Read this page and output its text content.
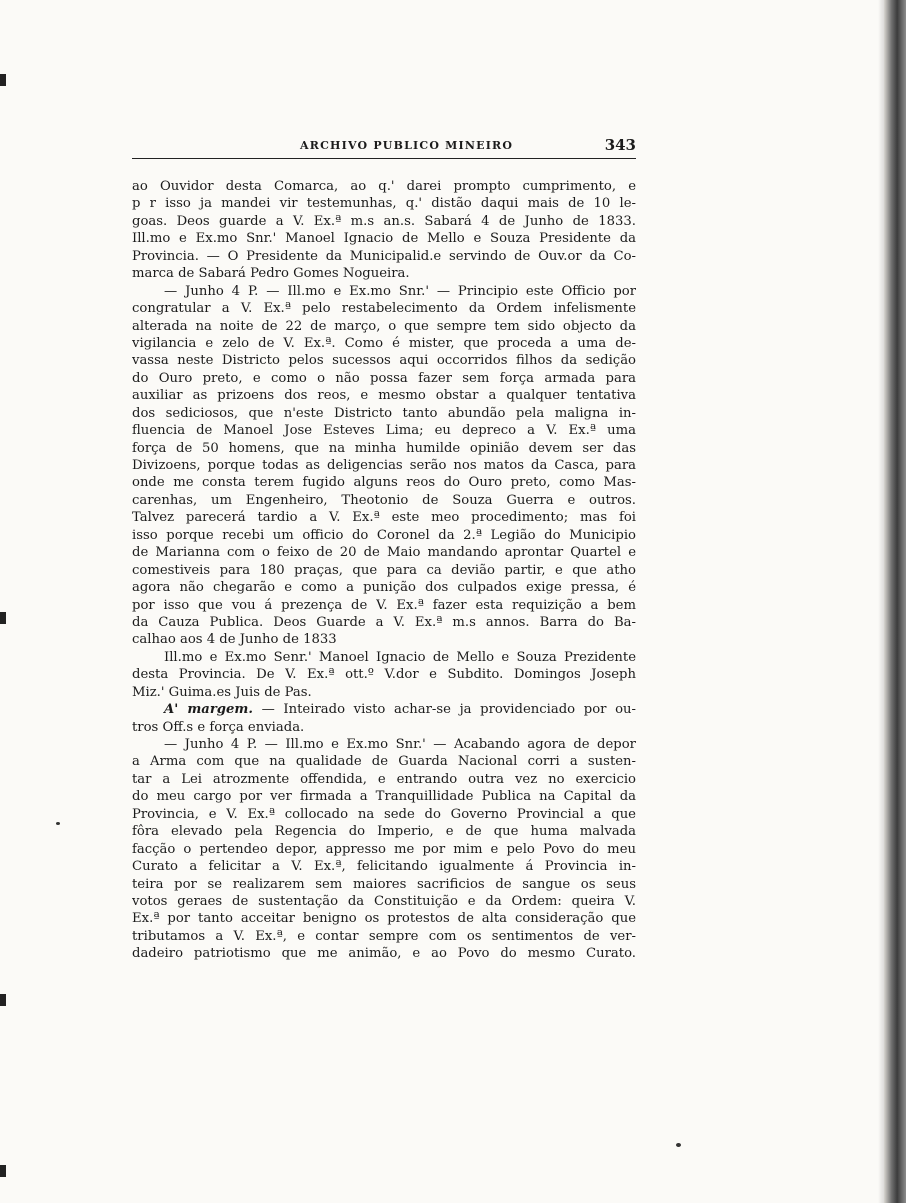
ARCHIVO PUBLICO MINEIRO	343
ao Ouvidor desta Comarca, ao q.' darei prompto cumprimento, e
p r isso ja mandei vir testemunhas, q.' distão daqui mais de 10 le-
goas. Deos guarde a V. Ex.ª m.s an.s. Sabará 4 de Junho de 1833.
Ill.mo e Ex.mo Snr.' Manoel Ignacio de Mello e Souza Presidente da
Provincia. — O Presidente da Municipalid.e servindo de Ouv.or da Co-
marca de Sabará Pedro Gomes Nogueira.
— Junho 4 P. — Ill.mo e Ex.mo Snr.' — Principio este Officio por
congratular a V. Ex.ª pelo restabelecimento da Ordem infelismente
alterada na noite de 22 de março, o que sempre tem sido objecto da
vigilancia e zelo de V. Ex.ª. Como é mister, que proceda a uma de-
vassa neste Districto pelos sucessos aqui occorridos filhos da sedição
do Ouro preto, e como o não possa fazer sem força armada para
auxiliar as prizoens dos reos, e mesmo obstar a qualquer tentativa
dos sediciosos, que n'este Districto tanto abundão pela maligna in-
fluencia de Manoel Jose Esteves Lima; eu depreco a V. Ex.ª uma
força de 50 homens, que na minha humilde opinião devem ser das
Divizoens, porque todas as deligencias serão nos matos da Casca, para
onde me consta terem fugido alguns reos do Ouro preto, como Mas-
carenhas, um Engenheiro, Theotonio de Souza Guerra e outros.
Talvez parecerá tardio a V. Ex.ª este meo procedimento; mas foi
isso porque recebi um officio do Coronel da 2.ª Legião do Municipio
de Marianna com o feixo de 20 de Maio mandando aprontar Quartel e
comestiveis para 180 praças, que para ca devião partir, e que atho
agora não chegarão e como a punição dos culpados exige pressa, é
por isso que vou á prezença de V. Ex.ª fazer esta requizição a bem
da Cauza Publica. Deos Guarde a V. Ex.ª m.s annos. Barra do Ba-
calhao aos 4 de Junho de 1833
Ill.mo e Ex.mo Senr.' Manoel Ignacio de Mello e Souza Prezidente
desta Provincia. De V. Ex.ª ott.º V.dor e Subdito. Domingos Joseph
Miz.' Guima.es Juis de Pas.
A' margem. — Inteirado visto achar-se ja providenciado por ou-
tros Off.s e força enviada.
— Junho 4 P. — Ill.mo e Ex.mo Snr.' — Acabando agora de depor
a Arma com que na qualidade de Guarda Nacional corri a susten-
tar a Lei atrozmente offendida, e entrando outra vez no exercicio
do meu cargo por ver firmada a Tranquillidade Publica na Capital da
Provincia, e V. Ex.ª collocado na sede do Governo Provincial a que
fôra elevado pela Regencia do Imperio, e de que huma malvada
facção o pertendeo depor, appresso me por mim e pelo Povo do meu
Curato a felicitar a V. Ex.ª, felicitando igualmente á Provincia in-
teira por se realizarem sem maiores sacrificios de sangue os seus
votos geraes de sustentação da Constituição e da Ordem: queira V.
Ex.ª por tanto acceitar benigno os protestos de alta consideração que
tributamos a V. Ex.ª, e contar sempre com os sentimentos de ver-
dadeiro patriotismo que me animão, e ao Povo do mesmo Curato.
